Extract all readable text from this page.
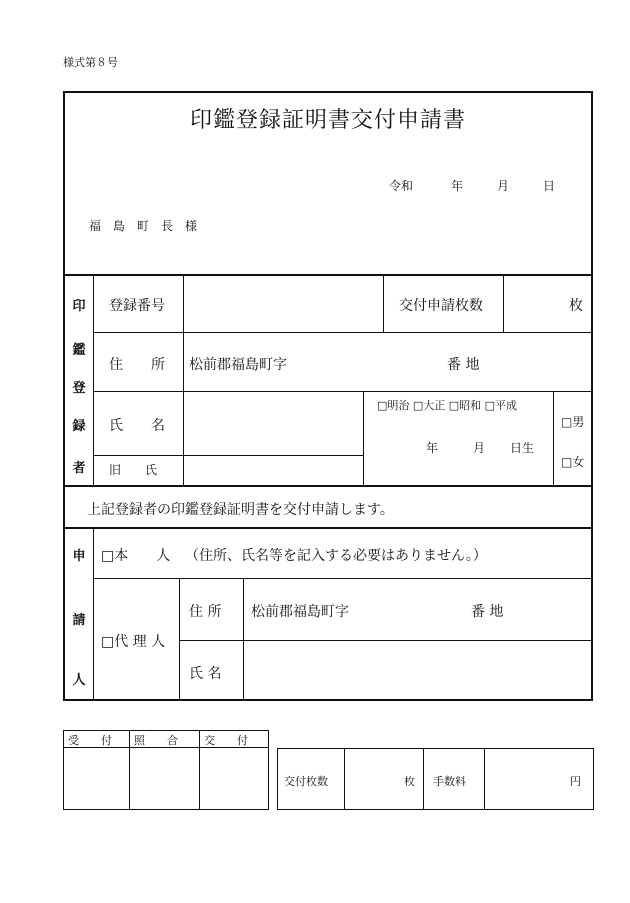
様式第８号
印鑑登録証明書交付申請書
令和	年	月	日
福　島　町　長　様
印
鑑
登
録
者
登録番号	交付申請枚数	枚
住　　所 松前郡福島町字	番 地
氏　　名
旧　　氏
□明治 □大正 □昭和 □平成
年	月 日生
□男
□女
上記登録者の印鑑登録証明書を交付申請します。
申
請
人
□本　　人 （住所、氏名等を記入する必要はありません。）
□代 理 人
住 所 松前郡福島町字	番 地
氏 名
受　　付 照　　合 交　　付
交付枚数	枚 手数料	円
